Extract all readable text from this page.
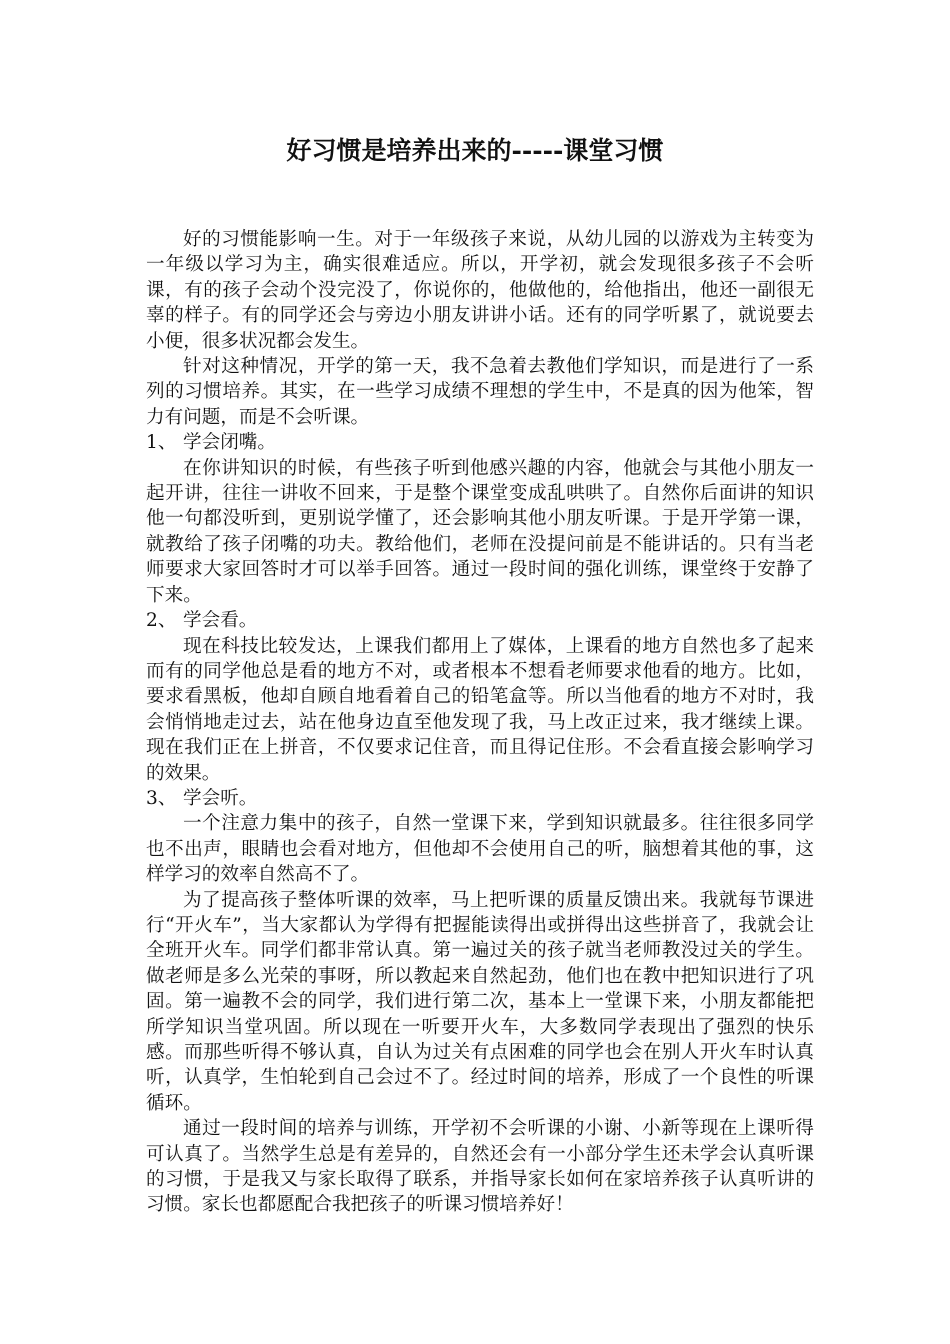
好习惯是培养出来的-----课堂习惯

好的习惯能影响一生。对于一年级孩子来说，从幼儿园的以游戏为主转变为一年级以学习为主，确实很难适应。所以，开学初，就会发现很多孩子不会听课，有的孩子会动个没完没了，你说你的，他做他的，给他指出，他还一副很无辜的样子。有的同学还会与旁边小朋友讲讲小话。还有的同学听累了，就说要去小便，很多状况都会发生。

针对这种情况，开学的第一天，我不急着去教他们学知识，而是进行了一系列的习惯培养。其实，在一些学习成绩不理想的学生中，不是真的因为他笨，智力有问题，而是不会听课。

1、 学会闭嘴。

在你讲知识的时候，有些孩子听到他感兴趣的内容，他就会与其他小朋友一起开讲，往往一讲收不回来，于是整个课堂变成乱哄哄了。自然你后面讲的知识他一句都没听到，更别说学懂了，还会影响其他小朋友听课。于是开学第一课，就教给了孩子闭嘴的功夫。教给他们，老师在没提问前是不能讲话的。只有当老师要求大家回答时才可以举手回答。通过一段时间的强化训练，课堂终于安静了下来。

2、 学会看。

现在科技比较发达，上课我们都用上了媒体，上课看的地方自然也多了起来而有的同学他总是看的地方不对，或者根本不想看老师要求他看的地方。比如，要求看黑板，他却自顾自地看着自己的铅笔盒等。所以当他看的地方不对时，我会悄悄地走过去，站在他身边直至他发现了我，马上改正过来，我才继续上课。现在我们正在上拼音，不仅要求记住音，而且得记住形。不会看直接会影响学习的效果。

3、 学会听。

一个注意力集中的孩子，自然一堂课下来，学到知识就最多。往往很多同学也不出声，眼睛也会看对地方，但他却不会使用自己的听，脑想着其他的事，这样学习的效率自然高不了。

为了提高孩子整体听课的效率，马上把听课的质量反馈出来。我就每节课进行“开火车”，当大家都认为学得有把握能读得出或拼得出这些拼音了，我就会让全班开火车。同学们都非常认真。第一遍过关的孩子就当老师教没过关的学生。做老师是多么光荣的事呀，所以教起来自然起劲，他们也在教中把知识进行了巩固。第一遍教不会的同学，我们进行第二次，基本上一堂课下来，小朋友都能把所学知识当堂巩固。所以现在一听要开火车，大多数同学表现出了强烈的快乐感。而那些听得不够认真，自认为过关有点困难的同学也会在别人开火车时认真听，认真学，生怕轮到自己会过不了。经过时间的培养，形成了一个良性的听课循环。

通过一段时间的培养与训练，开学初不会听课的小谢、小新等现在上课听得可认真了。当然学生总是有差异的，自然还会有一小部分学生还未学会认真听课的习惯，于是我又与家长取得了联系，并指导家长如何在家培养孩子认真听讲的习惯。家长也都愿配合我把孩子的听课习惯培养好！
